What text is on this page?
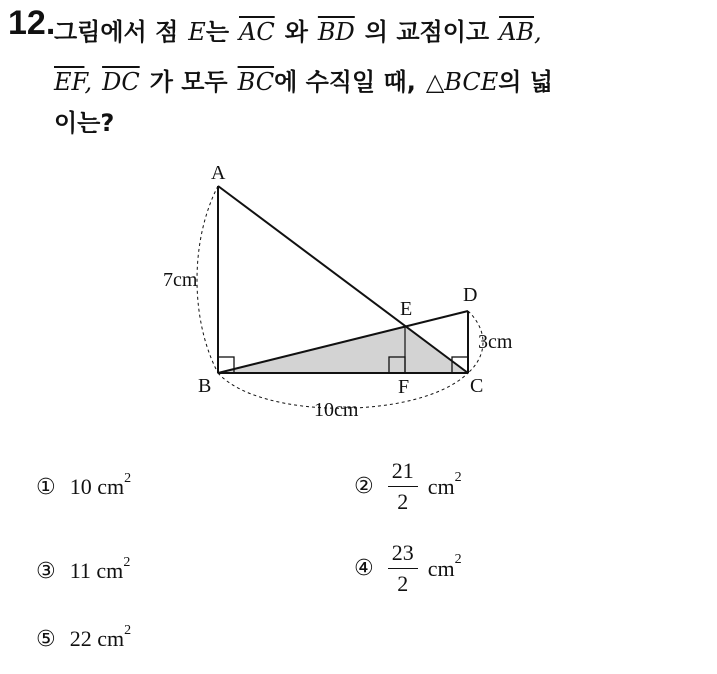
12.
그림에서 점 E는 $\overline{AC}$ 와 $\overline{BD}$ 의 교점이고 $\overline{AB}$,
$\overline{EF}$, $\overline{DC}$ 가 모두 $\overline{BC}$에 수직일 때, △BCE의 넓
이는?
A
B	C
D
E
F
7cm
3cm
10cm
① 10
$cm^2$	② $\frac{21}{2} cm^2$
③ 11
$cm^2$	④ $\frac{23}{2} cm^2$
⑤ 22
$cm^2$
